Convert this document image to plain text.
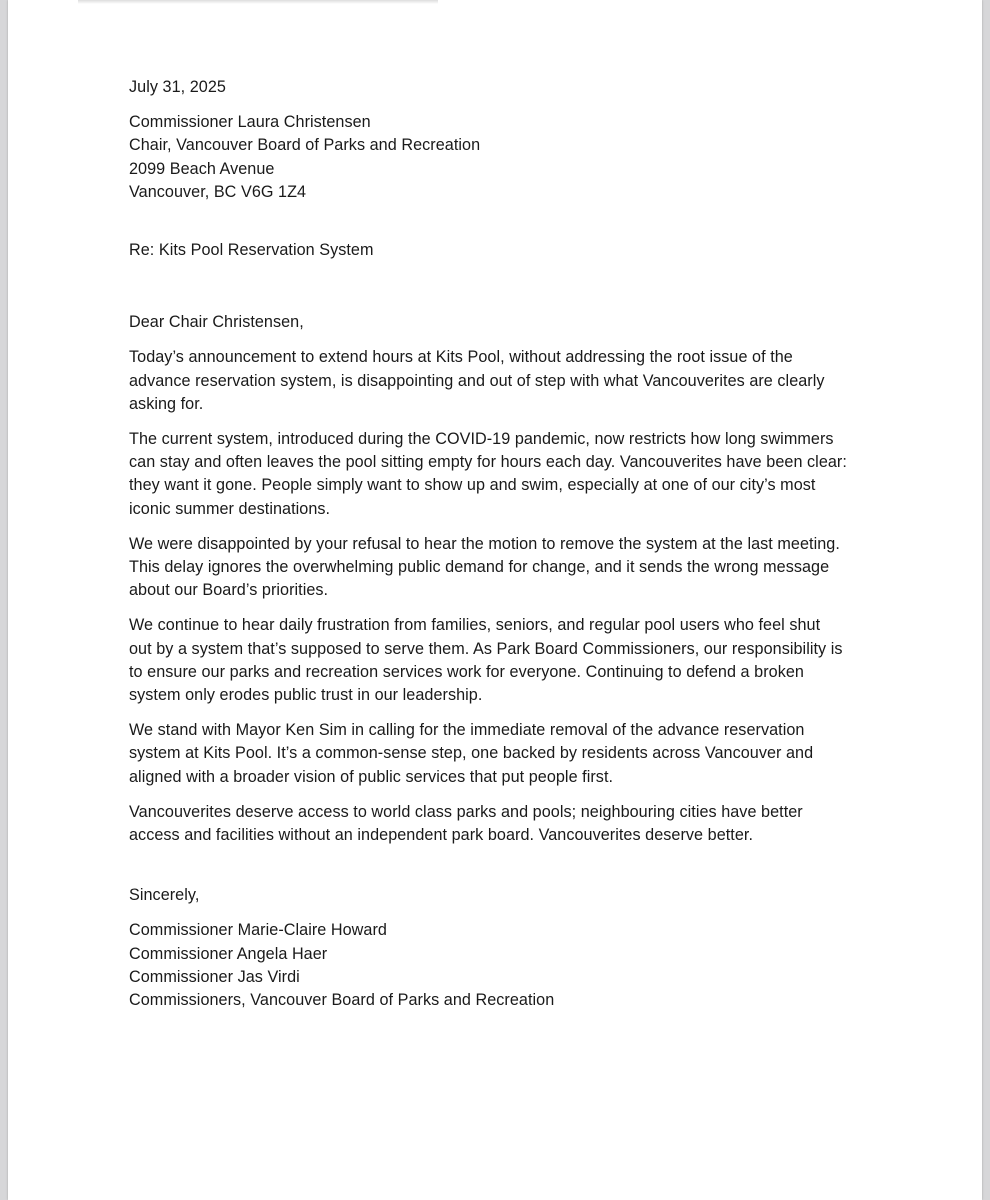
July 31, 2025
Commissioner Laura Christensen
Chair, Vancouver Board of Parks and Recreation
2099 Beach Avenue
Vancouver, BC V6G 1Z4
Re: Kits Pool Reservation System
Dear Chair Christensen,
Today’s announcement to extend hours at Kits Pool, without addressing the root issue of the
advance reservation system, is disappointing and out of step with what Vancouverites are clearly
asking for.
The current system, introduced during the COVID-19 pandemic, now restricts how long swimmers
can stay and often leaves the pool sitting empty for hours each day. Vancouverites have been clear:
they want it gone. People simply want to show up and swim, especially at one of our city’s most
iconic summer destinations.
We were disappointed by your refusal to hear the motion to remove the system at the last meeting.
This delay ignores the overwhelming public demand for change, and it sends the wrong message
about our Board’s priorities.
We continue to hear daily frustration from families, seniors, and regular pool users who feel shut
out by a system that’s supposed to serve them. As Park Board Commissioners, our responsibility is
to ensure our parks and recreation services work for everyone. Continuing to defend a broken
system only erodes public trust in our leadership.
We stand with Mayor Ken Sim in calling for the immediate removal of the advance reservation
system at Kits Pool. It’s a common-sense step, one backed by residents across Vancouver and
aligned with a broader vision of public services that put people first.
Vancouverites deserve access to world class parks and pools; neighbouring cities have better
access and facilities without an independent park board. Vancouverites deserve better.
Sincerely,
Commissioner Marie-Claire Howard
Commissioner Angela Haer
Commissioner Jas Virdi
Commissioners, Vancouver Board of Parks and Recreation
